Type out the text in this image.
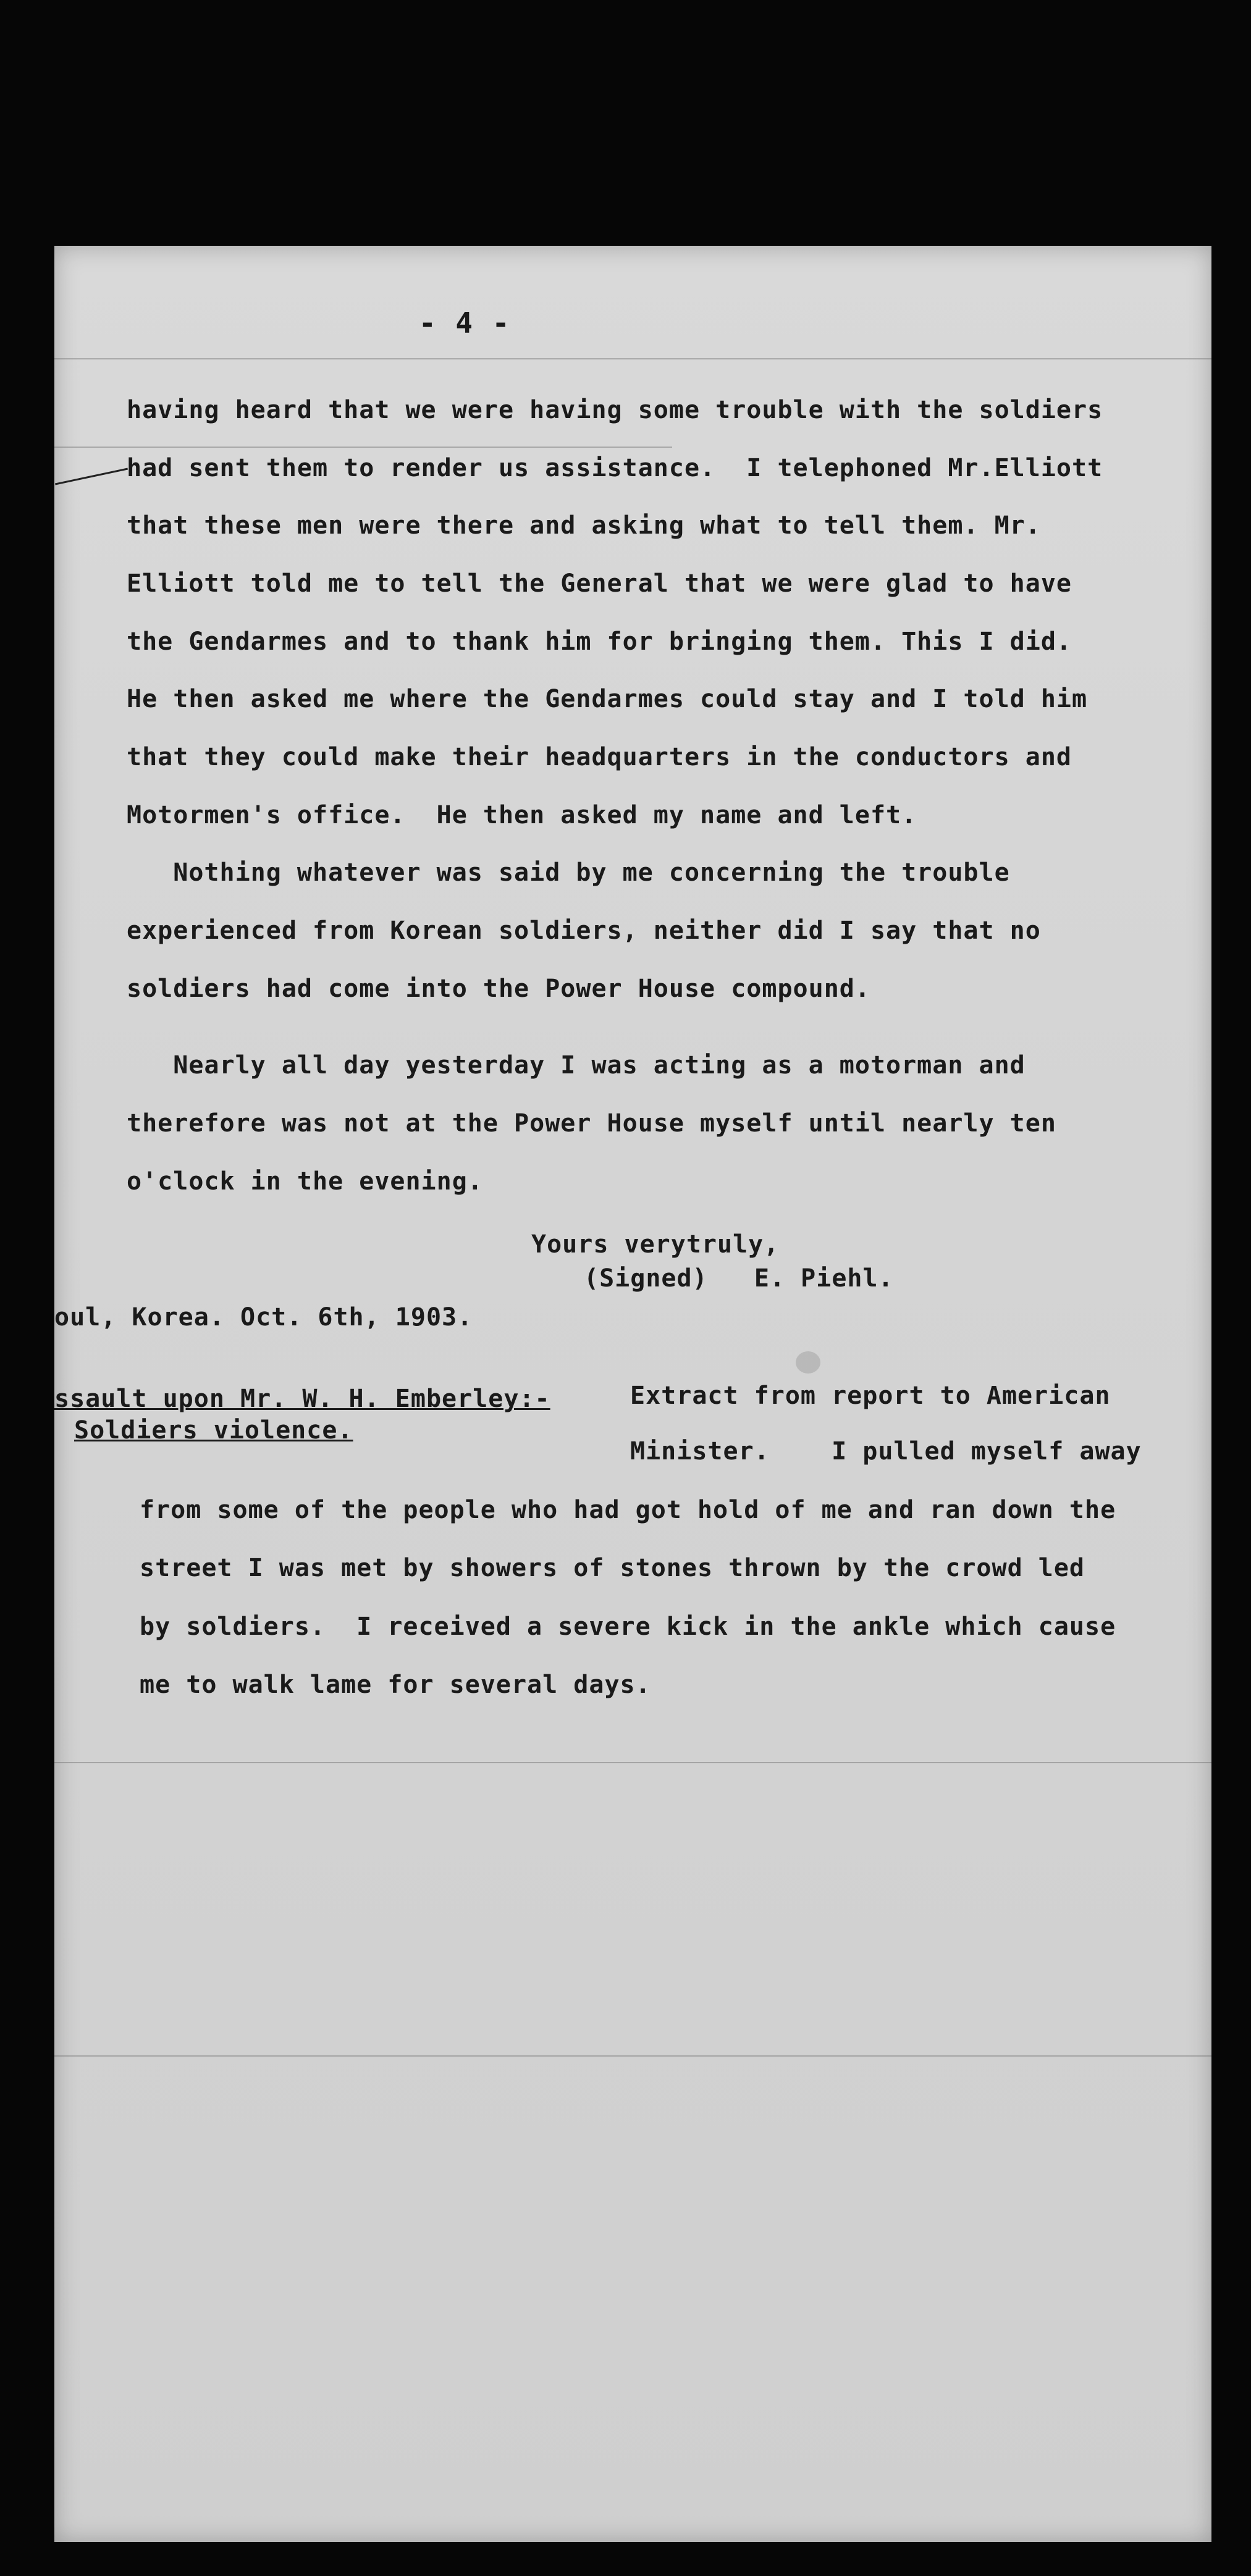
- 4 -
having heard that we were having some trouble with the soldiers
had sent them to render us assistance.  I telephoned Mr.Elliott
that these men were there and asking what to tell them. Mr.
Elliott told me to tell the General that we were glad to have
the Gendarmes and to thank him for bringing them. This I did.
He then asked me where the Gendarmes could stay and I told him
that they could make their headquarters in the conductors and
Motormen's office.  He then asked my name and left.
Nothing whatever was said by me concerning the trouble
experienced from Korean soldiers, neither did I say that no
soldiers had come into the Power House compound.
Nearly all day yesterday I was acting as a motorman and
therefore was not at the Power House myself until nearly ten
o'clock in the evening.
Yours verytruly,
(Signed)   E. Piehl.
oul, Korea. Oct. 6th, 1903.
ssault upon Mr. W. H. Emberley:-
Soldiers violence.
Extract from report to American
Minister.    I pulled myself away
from some of the people who had got hold of me and ran down the
street I was met by showers of stones thrown by the crowd led
by soldiers.  I received a severe kick in the ankle which cause
me to walk lame for several days.
